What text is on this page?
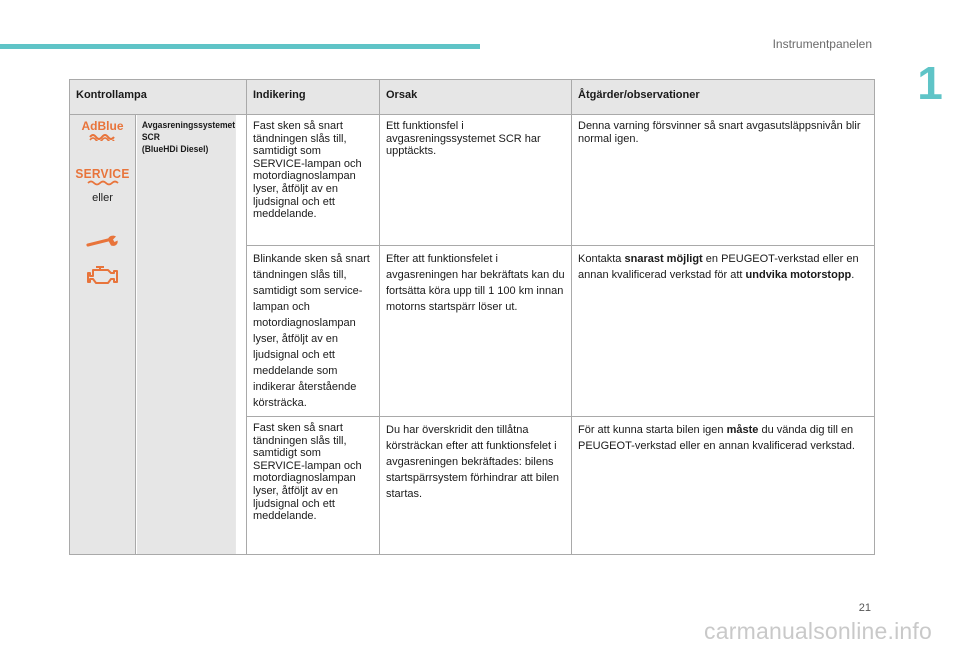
Instrumentpanelen
1
Kontrollampa		Indikering	Orsak	Åtgärder/observationer

AdBlue
SERVICE
eller	Avgasreningssystemet
SCR
(BlueHDi Diesel)	Fast sken så snart tändningen slås till, samtidigt som SERVICE-lampan och motordiagnoslampan lyser, åtföljt av en ljudsignal och ett meddelande.	Ett funktionsfel i avgasreningssystemet SCR har upptäckts.	Denna varning försvinner så snart avgasutsläppsnivån blir normal igen.

		Blinkande sken så snart tändningen slås till, samtidigt som service-lampan och motordiagnoslampan lyser, åtföljt av en ljudsignal och ett meddelande som indikerar återstående körsträcka.	Efter att funktionsfelet i avgasreningen har bekräftats kan du fortsätta köra upp till 1 100 km innan motorns startspärr löser ut.	Kontakta snarast möjligt en PEUGEOT-verkstad eller en annan kvalificerad verkstad för att undvika motorstopp.

		Fast sken så snart tändningen slås till, samtidigt som SERVICE-lampan och motordiagnoslampan lyser, åtföljt av en ljudsignal och ett meddelande.	Du har överskridit den tillåtna körsträckan efter att funktionsfelet i avgasreningen bekräftades: bilens startspärrsystem förhindrar att bilen startas.	För att kunna starta bilen igen måste du vända dig till en PEUGEOT-verkstad eller en annan kvalificerad verkstad.
21
carmanualsonline.info
